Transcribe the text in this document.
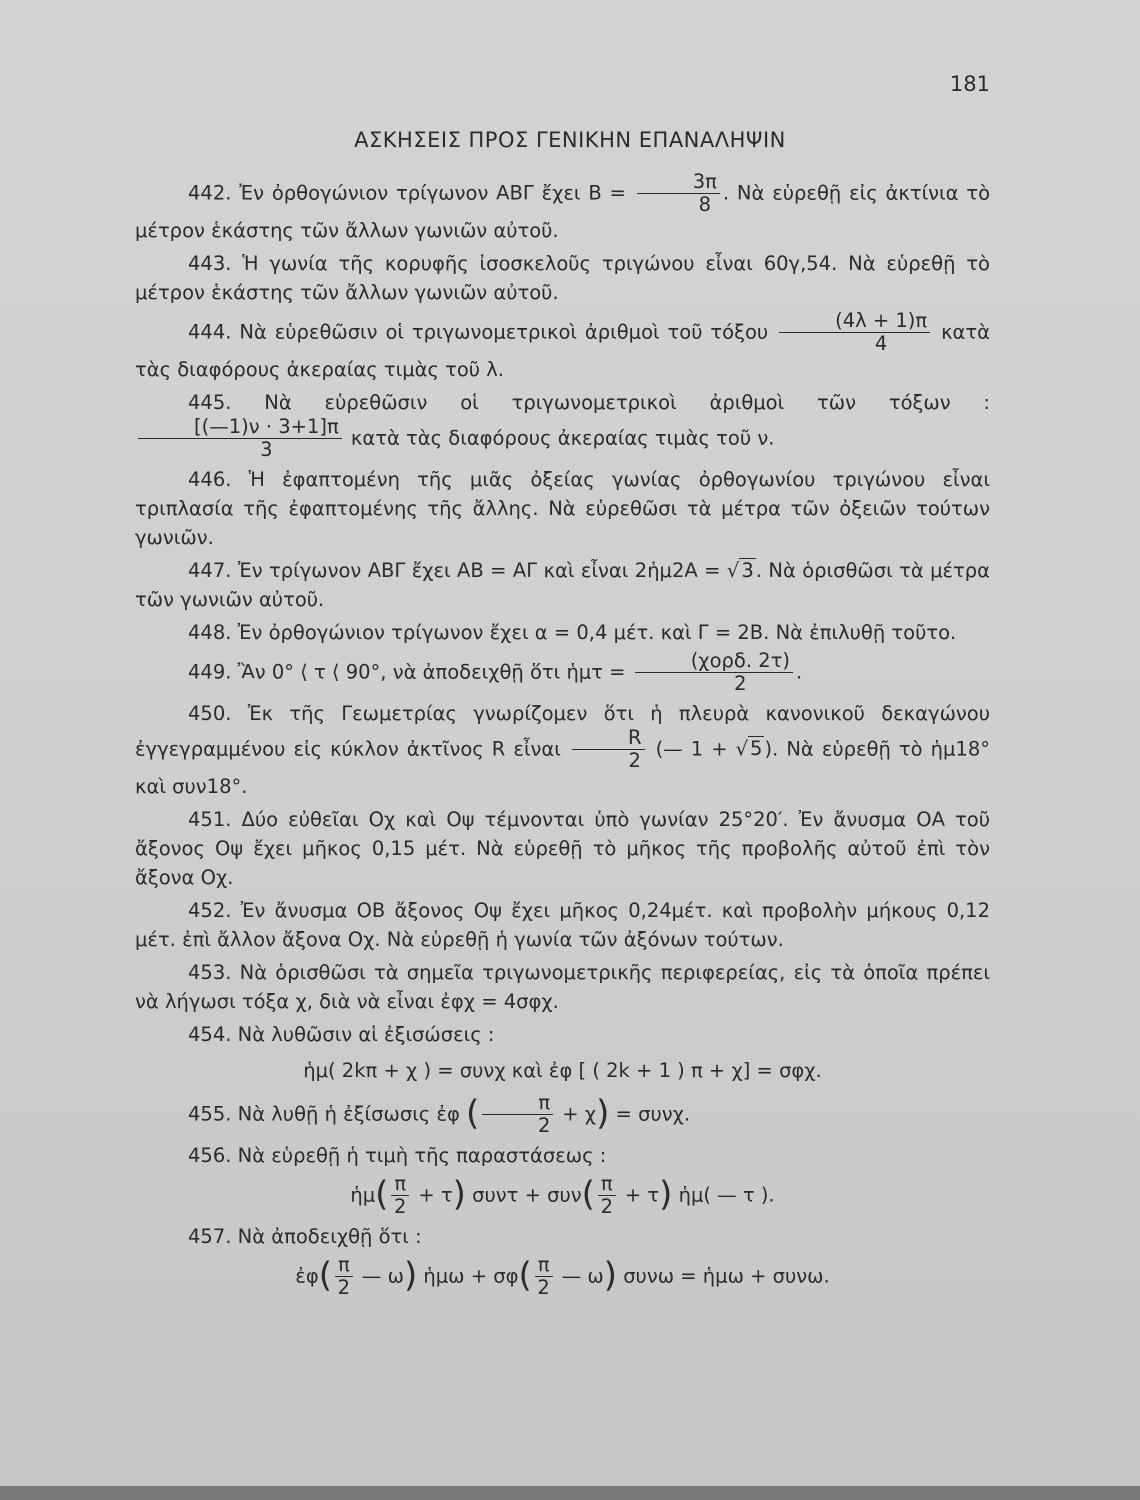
181
ΑΣΚΗΣΕΙΣ ΠΡΟΣ ΓΕΝΙΚΗΝ ΕΠΑΝΑΛΗΨΙΝ

442. Ἐν ὀρθογώνιον τρίγωνον ΑΒΓ ἔχει $B = \frac{3\pi}{8}$ . Νὰ εὑρεθῇ εἰς ἀκτίνια τὸ μέτρον ἑκάστης τῶν ἄλλων γωνιῶν αὐτοῦ.

443. Ἡ γωνία τῆς κορυφῆς ἰσοσκελοῦς τριγώνου εἶναι 60γ,54. Νὰ εὑρεθῇ τὸ μέτρον ἑκάστης τῶν ἄλλων γωνιῶν αὐτοῦ.

444. Νὰ εὑρεθῶσιν οἱ τριγωνομετρικοὶ ἀριθμοὶ τοῦ τόξου $\frac{(4\lambda + 1)\pi}{4}$ κατὰ τὰς διαφόρους ἀκεραίας τιμὰς τοῦ λ.

445. Νὰ εὑρεθῶσιν οἱ τριγωνομετρικοὶ ἀριθμοὶ τῶν τόξων :
$\frac{[(—1)\nu \cdot 3+1]\pi}{3}$ κατὰ τὰς διαφόρους ἀκεραίας τιμὰς τοῦ ν.

446. Ἡ ἐφαπτομένη τῆς μιᾶς ὀξείας γωνίας ὀρθογωνίου τριγώνου εἶναι τριπλασία τῆς ἐφαπτομένης τῆς ἄλλης. Νὰ εὑρεθῶσι τὰ μέτρα τῶν ὀξειῶν τούτων γωνιῶν.

447. Ἐν τρίγωνον ΑΒΓ ἔχει ΑΒ = ΑΓ καὶ εἶναι 2ἡμ2Α = √ 3 . Νὰ ὁρισθῶσι τὰ μέτρα τῶν γωνιῶν αὐτοῦ.

448. Ἐν ὀρθογώνιον τρίγωνον ἔχει α = 0,4 μέτ. καὶ Γ = 2Β. Νὰ ἐπιλυθῇ τοῦτο.

449. Ἂν 0° ⟨ τ ⟨ 90°, νὰ ἀποδειχθῇ ὅτι ἡμτ = $\frac{\text{(χορδ. 2τ)}}{2}$ .

450. Ἐκ τῆς Γεωμετρίας γνωρίζομεν ὅτι ἡ πλευρὰ κανονικοῦ δεκαγώνου ἐγγεγραμμένου εἰς κύκλον ἀκτῖνος R εἶναι $\frac{R}{2}$ (— 1 + √ 5 ). Νὰ εὑρεθῇ τὸ ἡμ18° καὶ συν18°.

451. Δύο εὐθεῖαι Οχ καὶ Οψ τέμνονται ὑπὸ γωνίαν 25°20′. Ἐν ἄνυσμα ΟΑ τοῦ ἄξονος Οψ ἔχει μῆκος 0,15 μέτ. Νὰ εὑρεθῇ τὸ μῆκος τῆς προβολῆς αὐτοῦ ἐπὶ τὸν ἄξονα Οχ.

452. Ἐν ἄνυσμα ΟΒ ἄξονος Οψ ἔχει μῆκος 0,24μέτ. καὶ προβολὴν μήκους 0,12 μέτ. ἐπὶ ἄλλον ἄξονα Οχ. Νὰ εὑρεθῇ ἡ γωνία τῶν ἀξόνων τούτων.

453. Νὰ ὁρισθῶσι τὰ σημεῖα τριγωνομετρικῆς περιφερείας, εἰς τὰ ὁποῖα πρέπει νὰ λήγωσι τόξα χ, διὰ νὰ εἶναι ἐφχ = 4σφχ.

454. Νὰ λυθῶσιν αἱ ἐξισώσεις :

ἡμ( 2kπ + χ ) = συνχ καὶ ἐφ [ ( 2k + 1 ) π + χ] = σφχ.

455. Νὰ λυθῇ ἡ ἐξίσωσις ἐφ ( $\frac{\pi}{2} + \chi) = \sigma\upsilon\nu\chi$.

456. Νὰ εὑρεθῇ ἡ τιμὴ τῆς παραστάσεως :

ἡμ( $\frac{\pi}{2} + \tau$) $\sigma\upsilon\nu\tau + \sigma\upsilon\nu( \frac{\pi}{2} + \tau)$ ἡμ( — τ ).

457. Νὰ ἀποδειχθῇ ὅτι :

ἐφ( $\frac{\pi}{2}$ — ω) ἡμω + $\sigma\varphi( \frac{\pi}{2}$ — ω) συνω = ἡμω + συνω.
